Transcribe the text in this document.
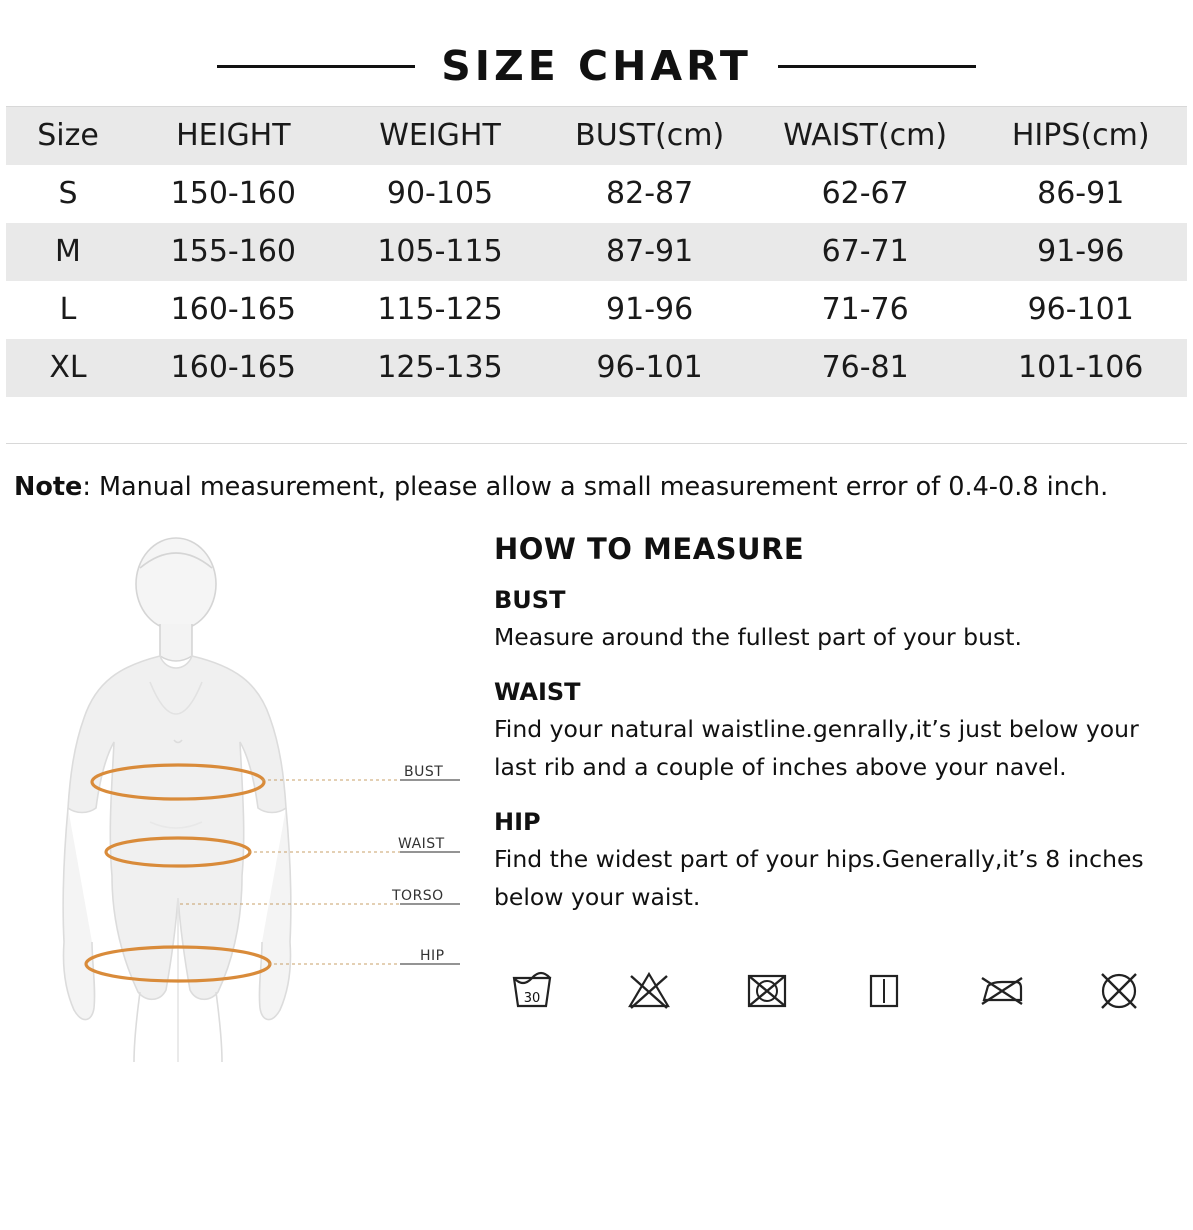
SIZE CHART
Size	HEIGHT	WEIGHT	BUST(cm)	WAIST(cm)	HIPS(cm)
S	150-160	90-105	82-87	62-67	86-91
M	155-160	105-115	87-91	67-71	91-96
L	160-165	115-125	91-96	71-76	96-101
XL	160-165	125-135	96-101	76-81	101-106

Note: Manual measurement, please allow a small measurement error of 0.4-0.8 inch.
BUST
WAIST
TORSO
HIP
HOW TO MEASURE
BUST

Measure around the fullest part of your bust.

WAIST

Find your natural waistline.genrally,it’s just below your last rib and a couple of inches above your navel.

HIP

Find the widest part of your hips.Generally,it’s 8 inches below your waist.

30
